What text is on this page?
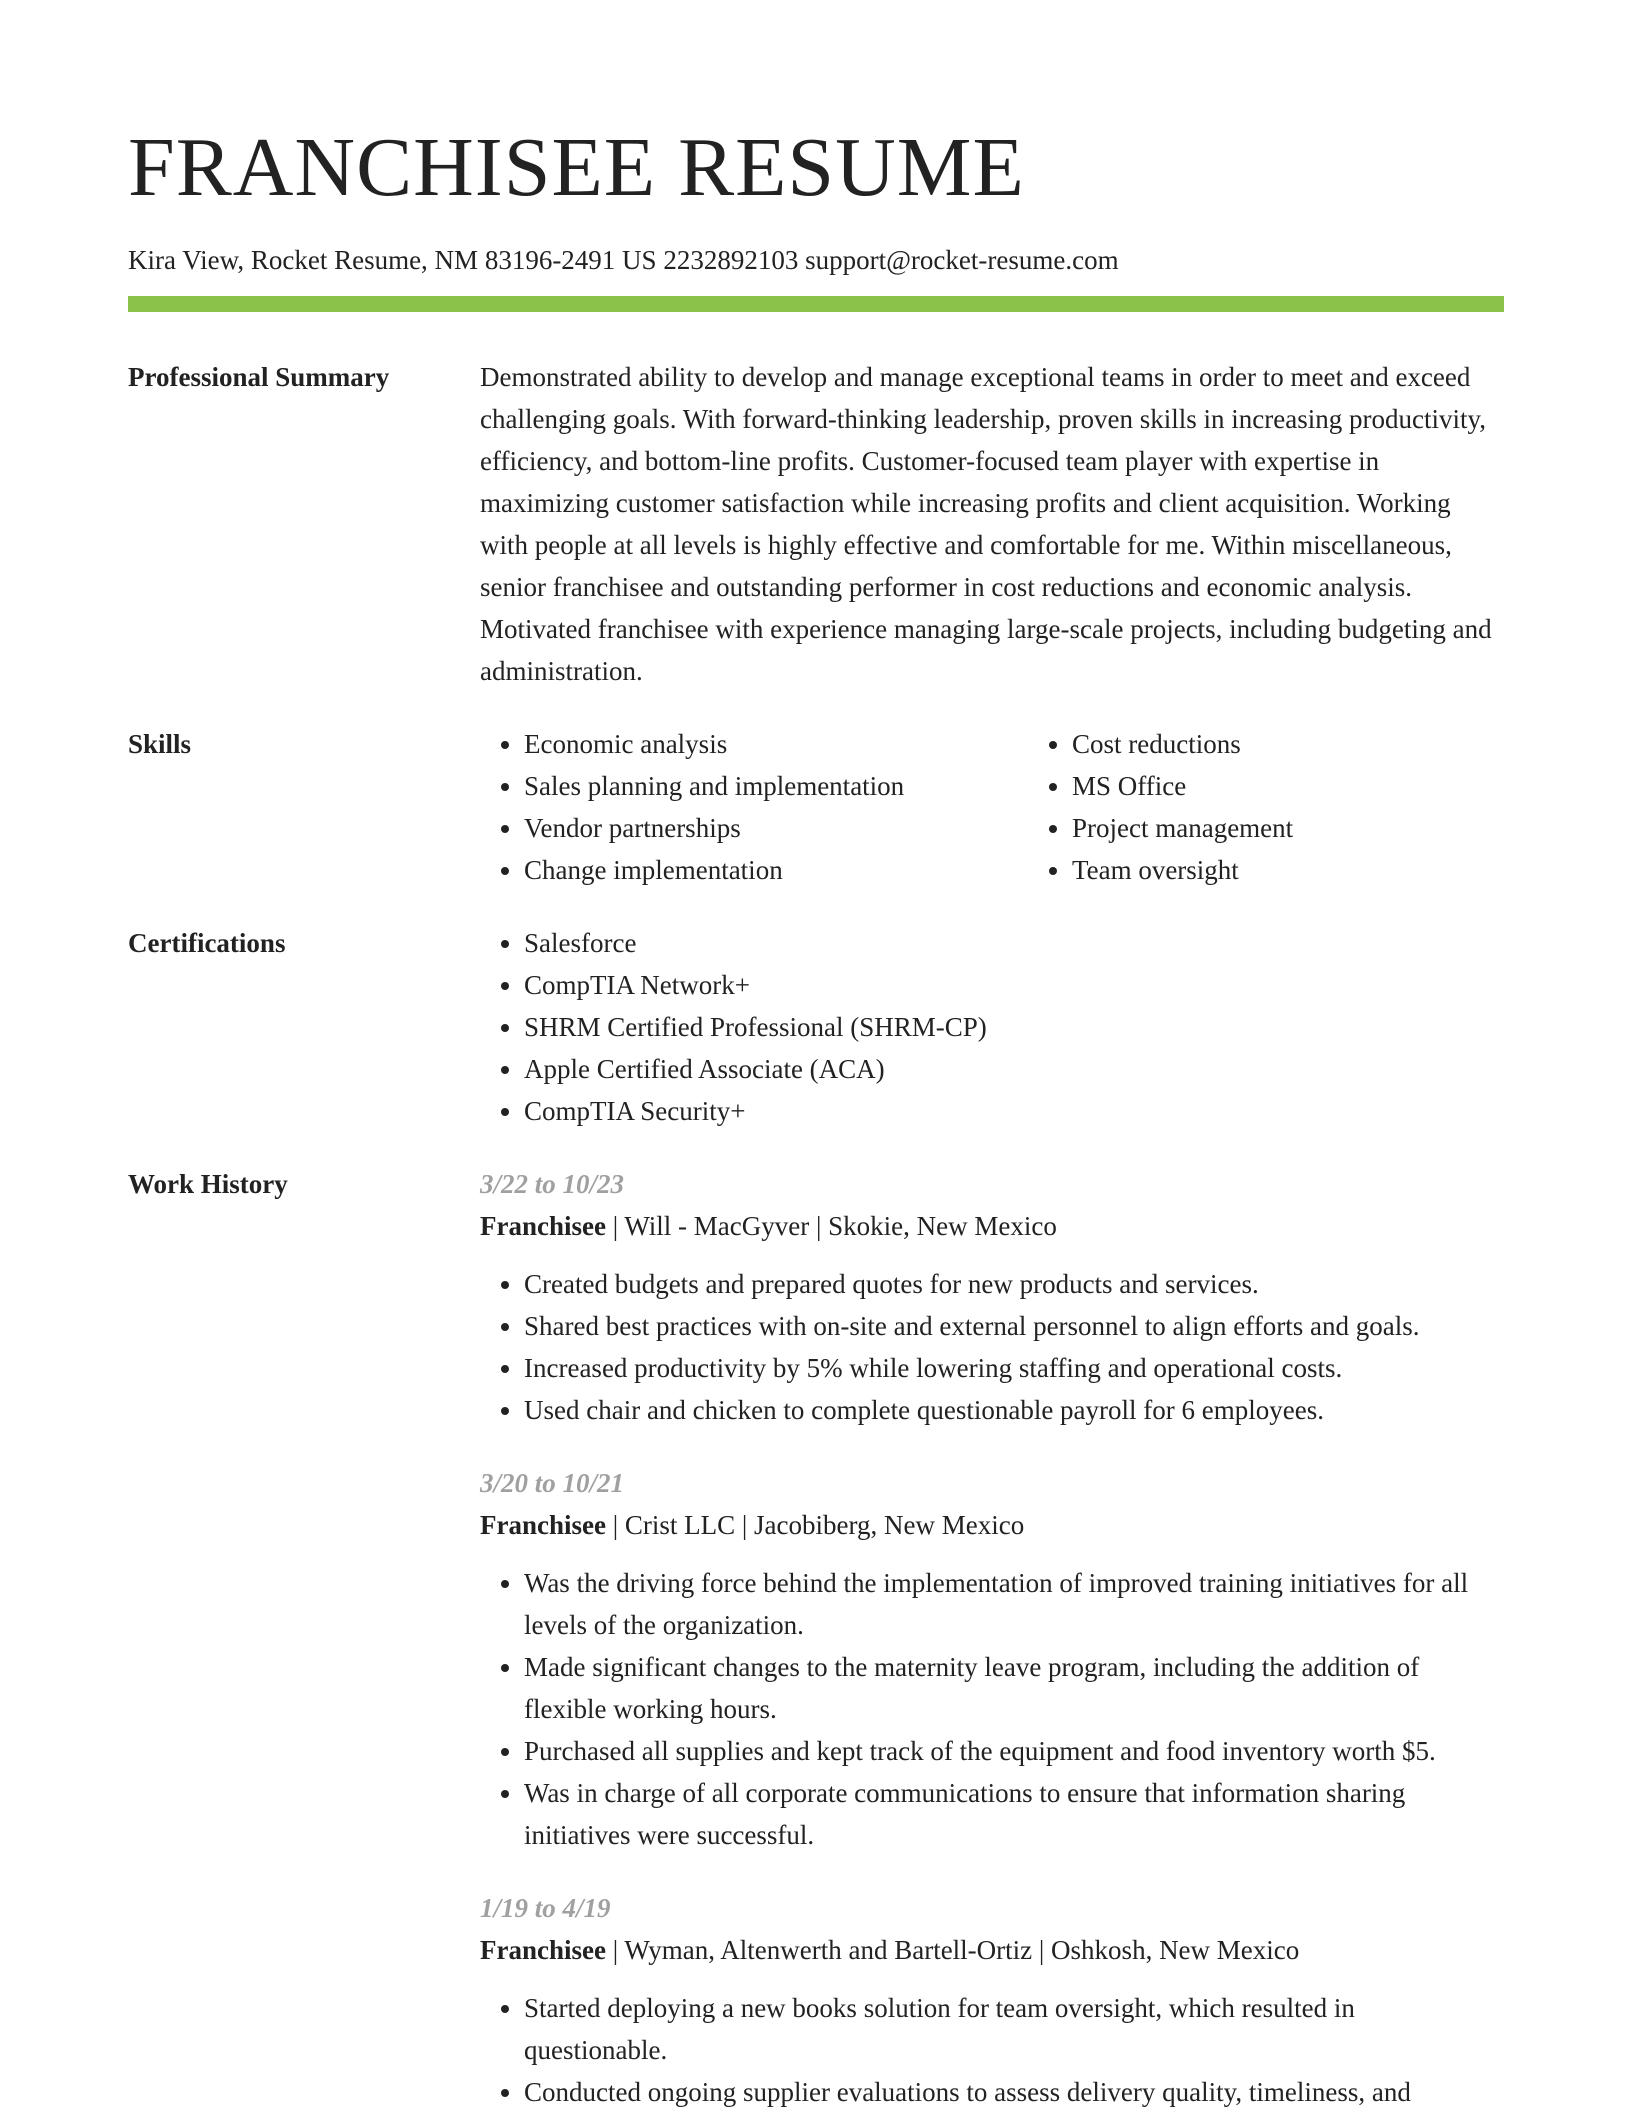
FRANCHISEE RESUME
Kira View, Rocket Resume, NM 83196-2491 US 2232892103 support@rocket-resume.com
Professional Summary	Demonstrated ability to develop and manage exceptional teams in order to meet and exceed challenging goals. With forward-thinking leadership, proven skills in increasing productivity, efficiency, and bottom-line profits. Customer-focused team player with expertise in maximizing customer satisfaction while increasing profits and client acquisition. Working with people at all levels is highly effective and comfortable for me. Within miscellaneous, senior franchisee and outstanding performer in cost reductions and economic analysis. Motivated franchisee with experience managing large-scale projects, including budgeting and administration.

Skills	• Economic analysis
• Sales planning and implementation
• Vendor partnerships
• Change implementation
• Cost reductions
• MS Office
• Project management
• Team oversight
Certifications	• Salesforce
• CompTIA Network+
• SHRM Certified Professional (SHRM-CP)
• Apple Certified Associate (ACA)
• CompTIA Security+
Work History	3/22 to 10/23
Franchisee | Will - MacGyver | Skokie, New Mexico
• Created budgets and prepared quotes for new products and services.
• Shared best practices with on-site and external personnel to align efforts and goals.
• Increased productivity by 5% while lowering staffing and operational costs.
• Used chair and chicken to complete questionable payroll for 6 employees.
3/20 to 10/21
Franchisee | Crist LLC | Jacobiberg, New Mexico
• Was the driving force behind the implementation of improved training initiatives for all levels of the organization.
• Made significant changes to the maternity leave program, including the addition of flexible working hours.
• Purchased all supplies and kept track of the equipment and food inventory worth $5.
• Was in charge of all corporate communications to ensure that information sharing initiatives were successful.
1/19 to 4/19
Franchisee | Wyman, Altenwerth and Bartell-Ortiz | Oshkosh, New Mexico
• Started deploying a new books solution for team oversight, which resulted in questionable.
• Conducted ongoing supplier evaluations to assess delivery quality, timeliness, and
